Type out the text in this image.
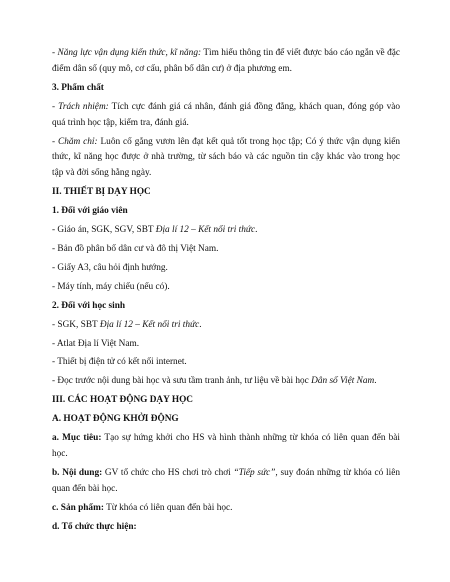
- Năng lực vận dụng kiến thức, kĩ năng: Tìm hiểu thông tin để viết được báo cáo ngắn về đặc điểm dân số (quy mô, cơ cấu, phân bố dân cư) ở địa phương em.

3. Phẩm chất

- Trách nhiệm: Tích cực đánh giá cá nhân, đánh giá đồng đẳng, khách quan, đóng góp vào quá trình học tập, kiểm tra, đánh giá.

- Chăm chỉ: Luôn cố gắng vươn lên đạt kết quả tốt trong học tập; Có ý thức vận dụng kiến thức, kĩ năng học được ở nhà trường, từ sách báo và các nguồn tin cậy khác vào trong học tập và đời sống hằng ngày.

II. THIẾT BỊ DẠY HỌC

1. Đối với giáo viên

- Giáo án, SGK, SGV, SBT Địa lí 12 – Kết nối tri thức.

- Bản đồ phân bố dân cư và đô thị Việt Nam.

- Giấy A3, câu hỏi định hướng.

- Máy tính, máy chiếu (nếu có).

2. Đối với học sinh

- SGK, SBT Địa lí 12 – Kết nối tri thức.

- Atlat Địa lí Việt Nam.

- Thiết bị điện tử có kết nối internet.

- Đọc trước nội dung bài học và sưu tầm tranh ảnh, tư liệu về bài học Dân số Việt Nam.

III. CÁC HOẠT ĐỘNG DẠY HỌC

A. HOẠT ĐỘNG KHỞI ĐỘNG

a. Mục tiêu: Tạo sự hứng khởi cho HS và hình thành những từ khóa có liên quan đến bài học.

b. Nội dung: GV tổ chức cho HS chơi trò chơi “Tiếp sức”, suy đoán những từ khóa có liên quan đến bài học.

c. Sản phẩm: Từ khóa có liên quan đến bài học.

d. Tổ chức thực hiện:
